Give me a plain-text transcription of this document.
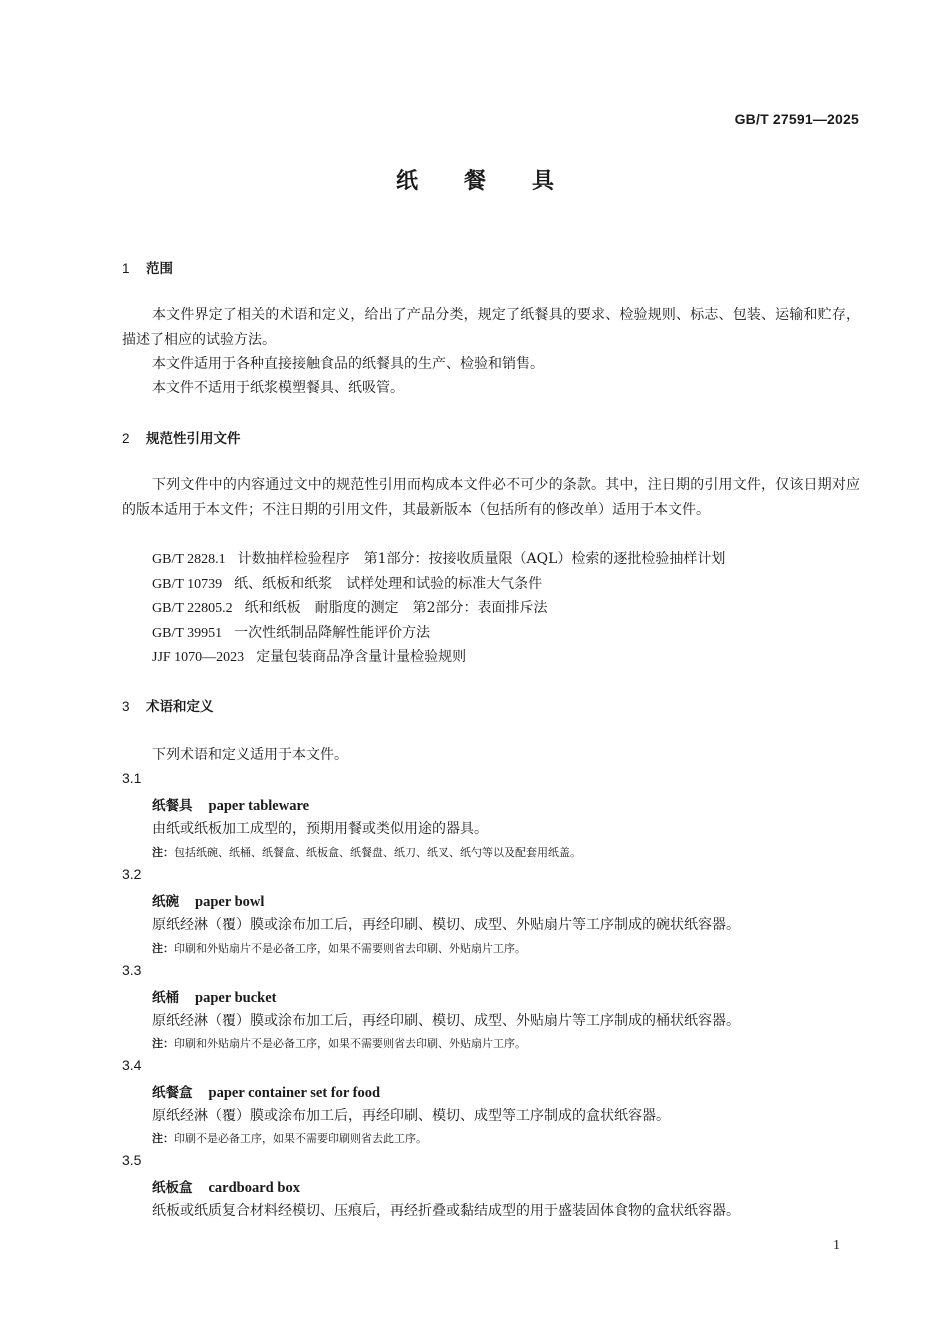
GB/T 27591—2025
纸 餐 具
1 范围
本文件界定了相关的术语和定义，给出了产品分类，规定了纸餐具的要求、检验规则、标志、包装、运输和贮存，描述了相应的试验方法。
本文件适用于各种直接接触食品的纸餐具的生产、检验和销售。
本文件不适用于纸浆模塑餐具、纸吸管。
2 规范性引用文件
下列文件中的内容通过文中的规范性引用而构成本文件必不可少的条款。其中，注日期的引用文件，仅该日期对应的版本适用于本文件；不注日期的引用文件，其最新版本（包括所有的修改单）适用于本文件。
GB/T 2828.1 计数抽样检验程序　第1部分：按接收质量限（AQL）检索的逐批检验抽样计划
GB/T 10739 纸、纸板和纸浆　试样处理和试验的标准大气条件
GB/T 22805.2 纸和纸板　耐脂度的测定　第2部分：表面排斥法
GB/T 39951 一次性纸制品降解性能评价方法
JJF 1070—2023 定量包装商品净含量计量检验规则
3 术语和定义
下列术语和定义适用于本文件。
3.1
纸餐具 paper tableware
由纸或纸板加工成型的，预期用餐或类似用途的器具。
注：包括纸碗、纸桶、纸餐盒、纸板盒、纸餐盘、纸刀、纸叉、纸勺等以及配套用纸盖。
3.2
纸碗 paper bowl
原纸经淋（覆）膜或涂布加工后，再经印刷、模切、成型、外贴扇片等工序制成的碗状纸容器。
注：印刷和外贴扇片不是必备工序，如果不需要则省去印刷、外贴扇片工序。
3.3
纸桶 paper bucket
原纸经淋（覆）膜或涂布加工后，再经印刷、模切、成型、外贴扇片等工序制成的桶状纸容器。
注：印刷和外贴扇片不是必备工序，如果不需要则省去印刷、外贴扇片工序。
3.4
纸餐盒 paper container set for food
原纸经淋（覆）膜或涂布加工后，再经印刷、模切、成型等工序制成的盒状纸容器。
注：印刷不是必备工序，如果不需要印刷则省去此工序。
3.5
纸板盒 cardboard box
纸板或纸质复合材料经模切、压痕后，再经折叠或黏结成型的用于盛装固体食物的盒状纸容器。
1
